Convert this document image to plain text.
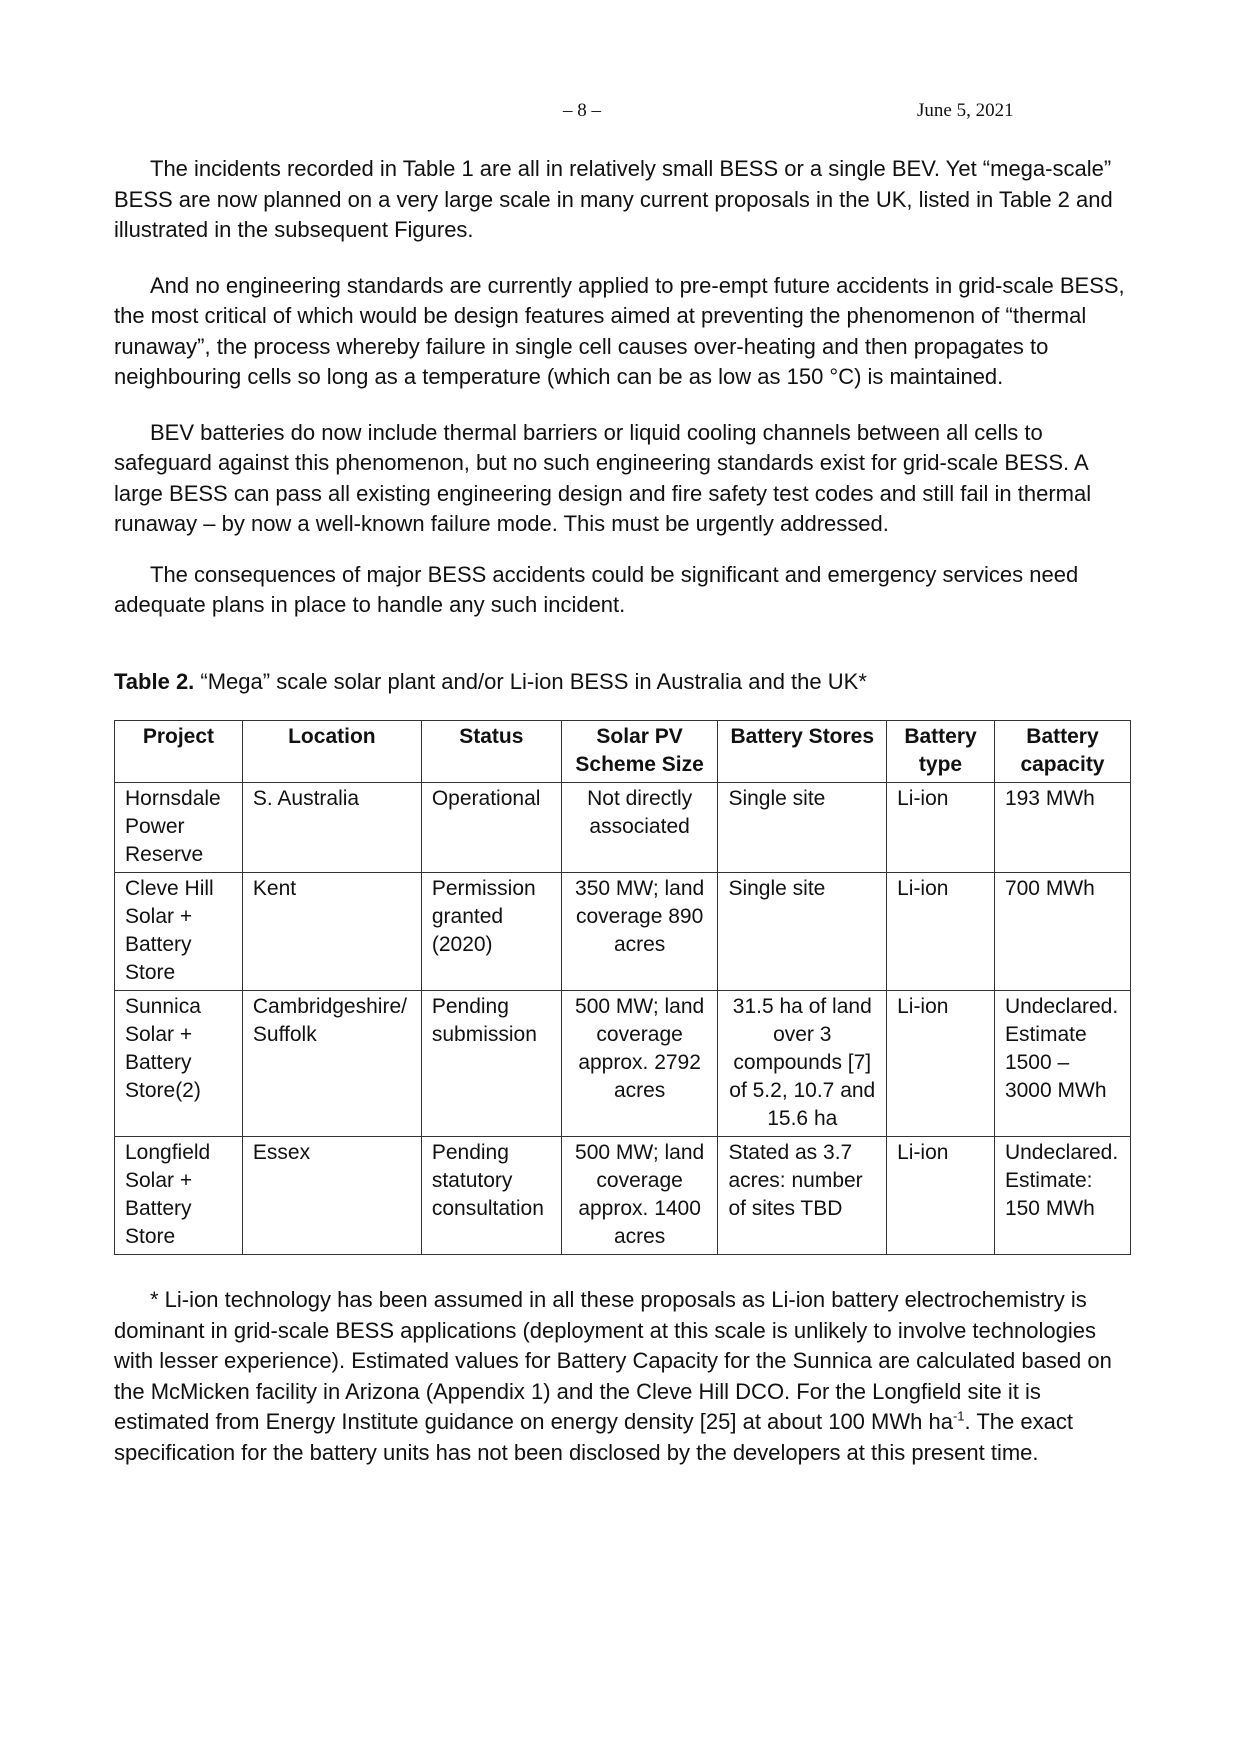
– 8 –	June 5, 2021

The incidents recorded in Table 1 are all in relatively small BESS or a single BEV. Yet “mega-scale” BESS are now planned on a very large scale in many current proposals in the UK, listed in Table 2 and illustrated in the subsequent Figures.

And no engineering standards are currently applied to pre-empt future accidents in grid-scale BESS, the most critical of which would be design features aimed at preventing the phenomenon of “thermal runaway”, the process whereby failure in single cell causes over-heating and then propagates to neighbouring cells so long as a temperature (which can be as low as 150 °C) is maintained.

BEV batteries do now include thermal barriers or liquid cooling channels between all cells to safeguard against this phenomenon, but no such engineering standards exist for grid-scale BESS. A large BESS can pass all existing engineering design and fire safety test codes and still fail in thermal runaway – by now a well-known failure mode. This must be urgently addressed.

The consequences of major BESS accidents could be significant and emergency services need adequate plans in place to handle any such incident.

Table 2. “Mega” scale solar plant and/or Li-ion BESS in Australia and the UK*

Project	Location	Status	Solar PV Scheme Size	Battery Stores	Battery type	Battery capacity
Hornsdale Power Reserve	S. Australia	Operational	Not directly associated	Single site	Li-ion	193 MWh
Cleve Hill Solar + Battery Store	Kent	Permission granted (2020)	350 MW; land coverage 890 acres	Single site	Li-ion	700 MWh
Sunnica Solar + Battery Store(2)	Cambridgeshire/ Suffolk	Pending submission	500 MW; land coverage approx. 2792 acres	31.5 ha of land over 3 compounds [7] of 5.2, 10.7 and 15.6 ha	Li-ion	Undeclared. Estimate 1500 – 3000 MWh
Longfield Solar + Battery Store	Essex	Pending statutory consultation	500 MW; land coverage approx. 1400 acres	Stated as 3.7 acres: number of sites TBD	Li-ion	Undeclared. Estimate: 150 MWh

* Li-ion technology has been assumed in all these proposals as Li-ion battery electrochemistry is dominant in grid-scale BESS applications (deployment at this scale is unlikely to involve technologies with lesser experience). Estimated values for Battery Capacity for the Sunnica are calculated based on the McMicken facility in Arizona (Appendix 1) and the Cleve Hill DCO. For the Longfield site it is estimated from Energy Institute guidance on energy density [25] at about 100 MWh $ha^{-1}$. The exact specification for the battery units has not been disclosed by the developers at this present time.
